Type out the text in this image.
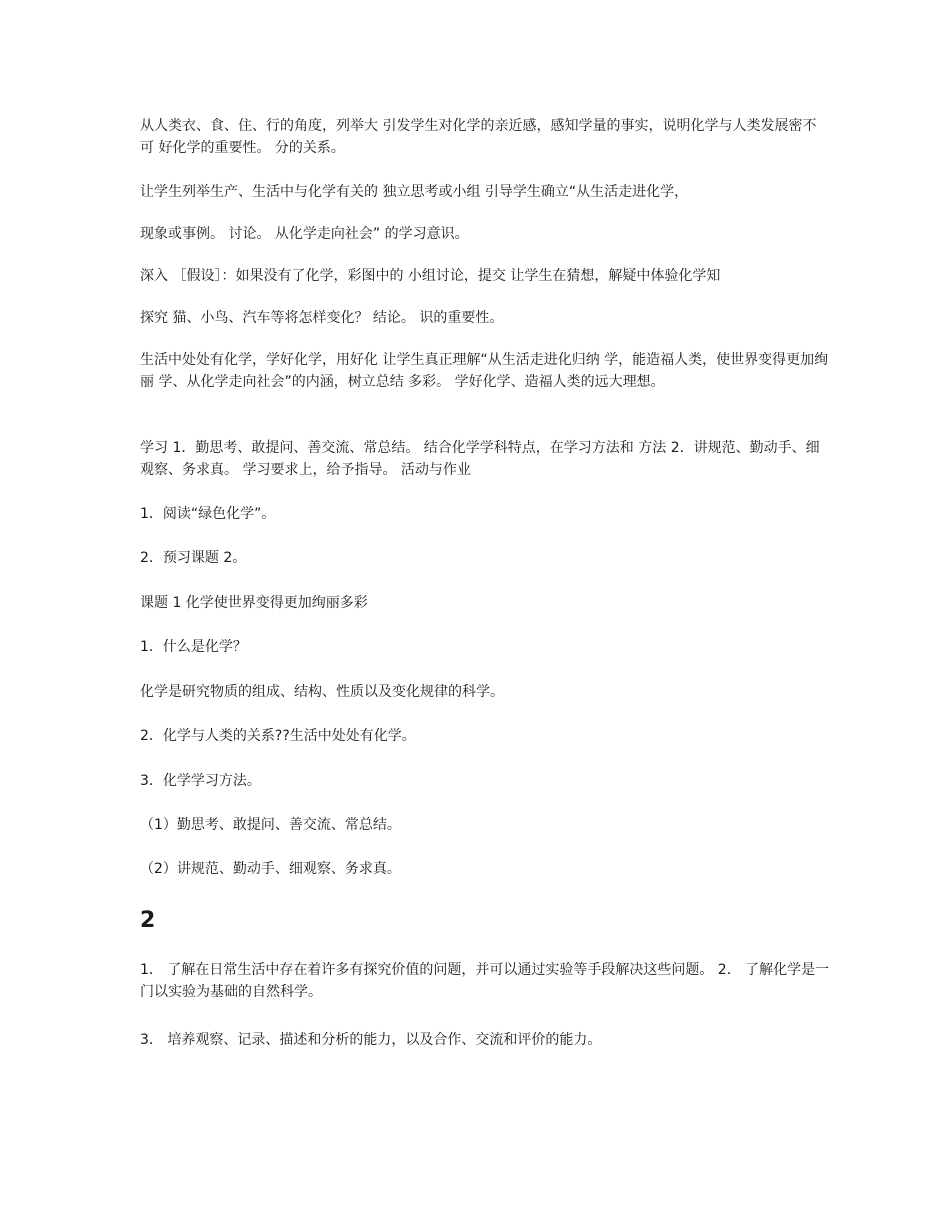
从人类衣、食、住、行的角度，列举大 引发学生对化学的亲近感，感知学量的事实，说明化学与人类发展密不可 好化学的重要性。 分的关系。

让学生列举生产、生活中与化学有关的 独立思考或小组 引导学生确立“从生活走进化学，

现象或事例。 讨论。 从化学走向社会” 的学习意识。

深入 ［假设］：如果没有了化学，彩图中的 小组讨论，提交 让学生在猜想，解疑中体验化学知

探究 猫、小鸟、汽车等将怎样变化？ 结论。 识的重要性。

生活中处处有化学，学好化学，用好化 让学生真正理解“从生活走进化归纳 学，能造福人类，使世界变得更加绚丽 学、从化学走向社会”的内涵，树立总结 多彩。 学好化学、造福人类的远大理想。

学习 1．勤思考、敢提问、善交流、常总结。 结合化学学科特点，在学习方法和 方法 2．讲规范、勤动手、细观察、务求真。 学习要求上，给予指导。 活动与作业

1．阅读“绿色化学”。

2．预习课题 2。

课题 1 化学使世界变得更加绚丽多彩

1．什么是化学？

化学是研究物质的组成、结构、性质以及变化规律的科学。

2．化学与人类的关系??生活中处处有化学。

3．化学学习方法。

（1）勤思考、敢提问、善交流、常总结。

（2）讲规范、勤动手、细观察、务求真。

2

1． 了解在日常生活中存在着许多有探究价值的问题，并可以通过实验等手段解决这些问题。 2． 了解化学是一门以实验为基础的自然科学。

3． 培养观察、记录、描述和分析的能力，以及合作、交流和评价的能力。
